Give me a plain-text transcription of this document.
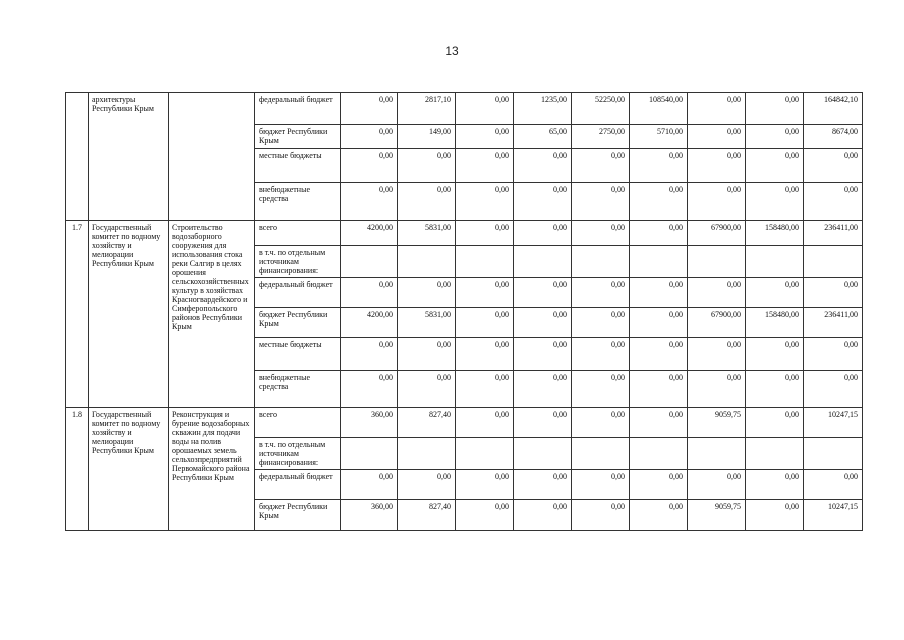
13
	архитектуры Республики Крым		федеральный бюджет	0,00	2817,10	0,00	1235,00	52250,00	108540,00	0,00	0,00	164842,10
			бюджет Республики Крым	0,00	149,00	0,00	65,00	2750,00	5710,00	0,00	0,00	8674,00
			местные бюджеты	0,00	0,00	0,00	0,00	0,00	0,00	0,00	0,00	0,00
			внебюджетные средства	0,00	0,00	0,00	0,00	0,00	0,00	0,00	0,00	0,00
1.7	Государственный комитет по водному хозяйству и мелиорации Республики Крым	Строительство водозаборного сооружения для использования стока реки Салгир в целях орошения сельскохозяйственных культур в хозяйствах Красногвардейского и Симферопольского районов Республики Крым	всего	4200,00	5831,00	0,00	0,00	0,00	0,00	67900,00	158480,00	236411,00
			в т.ч. по отдельным источникам финансирования:									
			федеральный бюджет	0,00	0,00	0,00	0,00	0,00	0,00	0,00	0,00	0,00
			бюджет Республики Крым	4200,00	5831,00	0,00	0,00	0,00	0,00	67900,00	158480,00	236411,00
			местные бюджеты	0,00	0,00	0,00	0,00	0,00	0,00	0,00	0,00	0,00
			внебюджетные средства	0,00	0,00	0,00	0,00	0,00	0,00	0,00	0,00	0,00
1.8	Государственный комитет по водному хозяйству и мелиорации Республики Крым	Реконструкция и бурение водозаборных скважин для подачи воды на полив орошаемых земель сельхозпредприятий Первомайского района Республики Крым	всего	360,00	827,40	0,00	0,00	0,00	0,00	9059,75	0,00	10247,15
			в т.ч. по отдельным источникам финансирования:									
			федеральный бюджет	0,00	0,00	0,00	0,00	0,00	0,00	0,00	0,00	0,00
			бюджет Республики Крым	360,00	827,40	0,00	0,00	0,00	0,00	9059,75	0,00	10247,15
